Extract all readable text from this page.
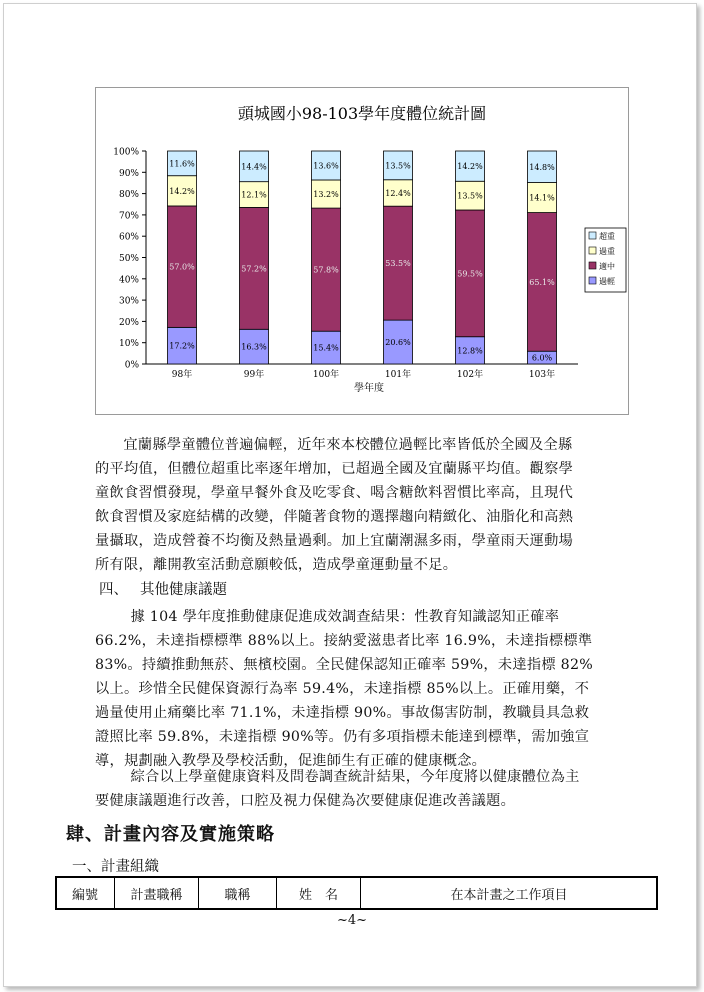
頭城國小98-103學年度體位統計圖
0%
10%
20%
30%
40%
50%
60%
70%
80%
90%
100%
17.2%
57.0%
14.2%
11.6%
98年
16.3%
57.2%
12.1%
14.4%
99年
15.4%
57.8%
13.2%
13.6%
100年
20.6%
53.5%
12.4%
13.5%
101年
12.8%
59.5%
13.5%
14.2%
102年
6.0%
65.1%
14.1%
14.8%
103年
學年度
超重
過重
適中
過輕
宜蘭縣學童體位普遍偏輕，近年來本校體位過輕比率皆低於全國及全縣
的平均值，但體位超重比率逐年增加，已超過全國及宜蘭縣平均值。觀察學
童飲食習慣發現，學童早餐外食及吃零食、喝含糖飲料習慣比率高，且現代
飲食習慣及家庭結構的改變，伴隨著食物的選擇趨向精緻化、油脂化和高熱
量攝取，造成營養不均衡及熱量過剩。加上宜蘭潮濕多雨，學童雨天運動場
所有限，離開教室活動意願較低，造成學童運動量不足。
四、 其他健康議題
據 104 學年度推動健康促進成效調查結果：性教育知識認知正確率
66.2%，未達指標標準 88%以上。接納愛滋患者比率 16.9%，未達指標標準
83%。持續推動無菸、無檳校園。全民健保認知正確率 59%，未達指標 82%
以上。珍惜全民健保資源行為率 59.4%，未達指標 85%以上。正確用藥，不
過量使用止痛藥比率 71.1%，未達指標 90%。事故傷害防制，教職員具急救
證照比率 59.8%，未達指標 90%等。仍有多項指標未能達到標準，需加強宣
導，規劃融入教學及學校活動，促進師生有正確的健康概念。
綜合以上學童健康資料及問卷調查統計結果，今年度將以健康體位為主
要健康議題進行改善，口腔及視力保健為次要健康促進改善議題。
肆、計畫內容及實施策略
一、計畫組織
編號	計畫職稱	職稱	姓　名	在本計畫之工作項目
~4~
